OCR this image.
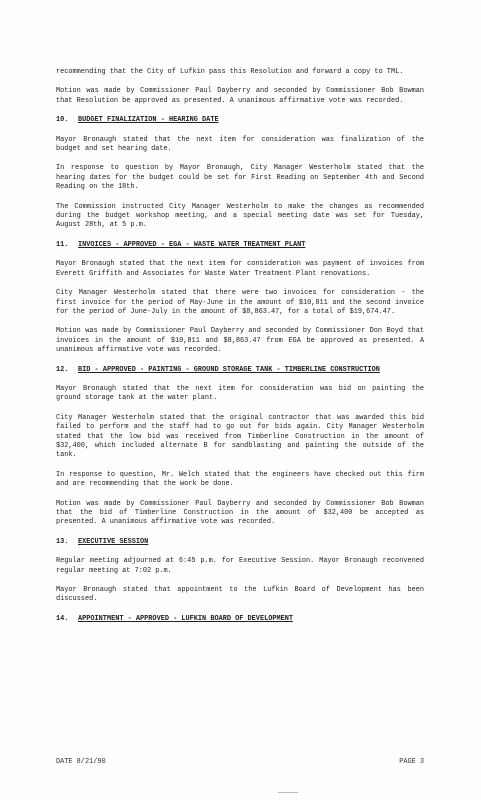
recommending that the City of Lufkin pass this Resolution and forward a copy to TML.

Motion was made by Commissioner Paul Dayberry and seconded by Commissioner Bob Bowman that Resolution be approved as presented. A unanimous affirmative vote was recorded.

10.	BUDGET FINALIZATION - HEARING DATE

Mayor Bronaugh stated that the next item for consideration was finalization of the budget and set hearing date.

In response to question by Mayor Bronaugh, City Manager Westerholm stated that the hearing dates for the budget could be set for First Reading on September 4th and Second Reading on the 18th.

The Commission instructed City Manager Westerholm to make the changes as recommended during the budget workshop meeting, and a special meeting date was set for Tuesday, August 28th, at 5 p.m.

11.	INVOICES - APPROVED - EGA - WASTE WATER TREATMENT PLANT

Mayor Bronaugh stated that the next item for consideration was payment of invoices from Everett Griffith and Associates for Waste Water Treatment Plant renovations.

City Manager Westerholm stated that there were two invoices for consideration - the first invoice for the period of May-June in the amount of $10,811 and the second invoice for the period of June-July in the amount of $8,863.47, for a total of $19,674.47.

Motion was made by Commissioner Paul Dayberry and seconded by Commissioner Don Boyd that invoices in the amount of $10,811 and $8,863.47 from EGA be approved as presented. A unanimous affirmative vote was recorded.

12.	BID - APPROVED - PAINTING - GROUND STORAGE TANK - TIMBERLINE CONSTRUCTION

Mayor Bronaugh stated that the next item for consideration was bid on painting the ground storage tank at the water plant.

City Manager Westerholm stated that the original contractor that was awarded this bid failed to perform and the staff had to go out for bids again. City Manager Westerholm stated that the low bid was received from Timberline Construction in the amount of $32,400, which included alternate B for sandblasting and painting the outside of the tank.

In response to question, Mr. Welch stated that the engineers have checked out this firm and are recommending that the work be done.

Motion was made by Commissioner Paul Dayberry and seconded by Commissioner Bob Bowman that the bid of Timberline Construction in the amount of $32,400 be accepted as presented. A unanimous affirmative vote was recorded.

13.	EXECUTIVE SESSION

Regular meeting adjourned at 6:45 p.m. for Executive Session. Mayor Bronaugh reconvened regular meeting at 7:02 p.m.

Mayor Bronaugh stated that appointment to the Lufkin Board of Development has been discussed.

14.	APPOINTMENT - APPROVED - LUFKIN BOARD OF DEVELOPMENT
DATE 8/21/90	PAGE 3
